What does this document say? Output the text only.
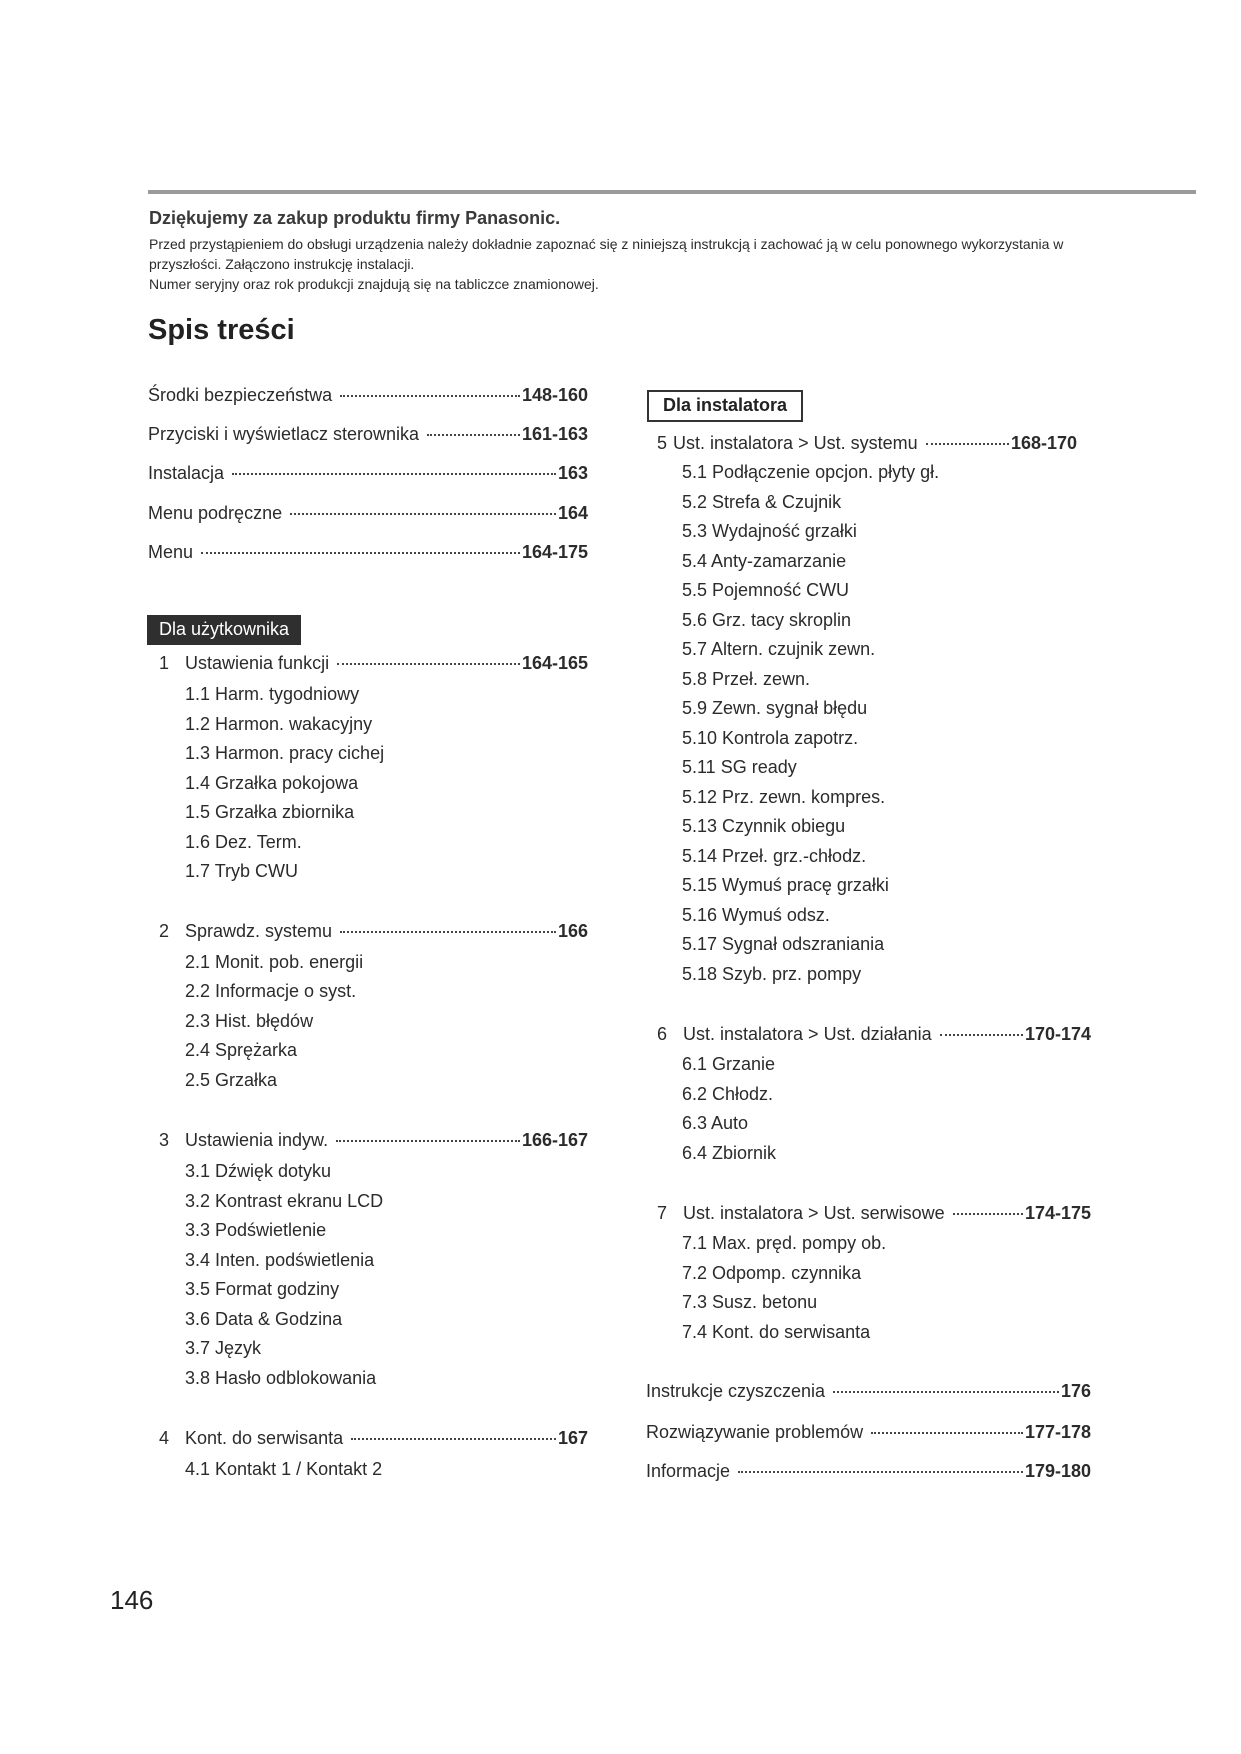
Dziękujemy za zakup produktu firmy Panasonic.
Przed przystąpieniem do obsługi urządzenia należy dokładnie zapoznać się z niniejszą instrukcją i zachować ją w celu ponownego wykorzystania w
przyszłości. Załączono instrukcję instalacji.
Numer seryjny oraz rok produkcji znajdują się na tabliczce znamionowej.
Spis treści
Środki bezpieczeństwa	148-160
Przyciski i wyświetlacz sterownika	161-163
Instalacja	163
Menu podręczne	164
Menu	164-175
Dla użytkownika
1 Ustawienia funkcji	164-165
1.1 Harm. tygodniowy
1.2 Harmon. wakacyjny
1.3 Harmon. pracy cichej
1.4 Grzałka pokojowa
1.5 Grzałka zbiornika
1.6 Dez. Term.
1.7 Tryb CWU
2 Sprawdz. systemu	166
2.1 Monit. pob. energii
2.2 Informacje o syst.
2.3 Hist. błędów
2.4 Sprężarka
2.5 Grzałka
3 Ustawienia indyw.	166-167
3.1 Dźwięk dotyku
3.2 Kontrast ekranu LCD
3.3 Podświetlenie
3.4 Inten. podświetlenia
3.5 Format godziny
3.6 Data & Godzina
3.7 Język
3.8 Hasło odblokowania
4 Kont. do serwisanta	167
4.1 Kontakt 1 / Kontakt 2
Dla instalatora
5 Ust. instalatora > Ust. systemu	168-170
5.1 Podłączenie opcjon. płyty gł.
5.2 Strefa & Czujnik
5.3 Wydajność grzałki
5.4 Anty-zamarzanie
5.5 Pojemność CWU
5.6 Grz. tacy skroplin
5.7 Altern. czujnik zewn.
5.8 Przeł. zewn.
5.9 Zewn. sygnał błędu
5.10 Kontrola zapotrz.
5.11 SG ready
5.12 Prz. zewn. kompres.
5.13 Czynnik obiegu
5.14 Przeł. grz.-chłodz.
5.15 Wymuś pracę grzałki
5.16 Wymuś odsz.
5.17 Sygnał odszraniania
5.18 Szyb. prz. pompy
6 Ust. instalatora > Ust. działania	170-174
6.1 Grzanie
6.2 Chłodz.
6.3 Auto
6.4 Zbiornik
7 Ust. instalatora > Ust. serwisowe	174-175
7.1 Max. pręd. pompy ob.
7.2 Odpomp. czynnika
7.3 Susz. betonu
7.4 Kont. do serwisanta
Instrukcje czyszczenia	176
Rozwiązywanie problemów	177-178
Informacje	179-180
146
